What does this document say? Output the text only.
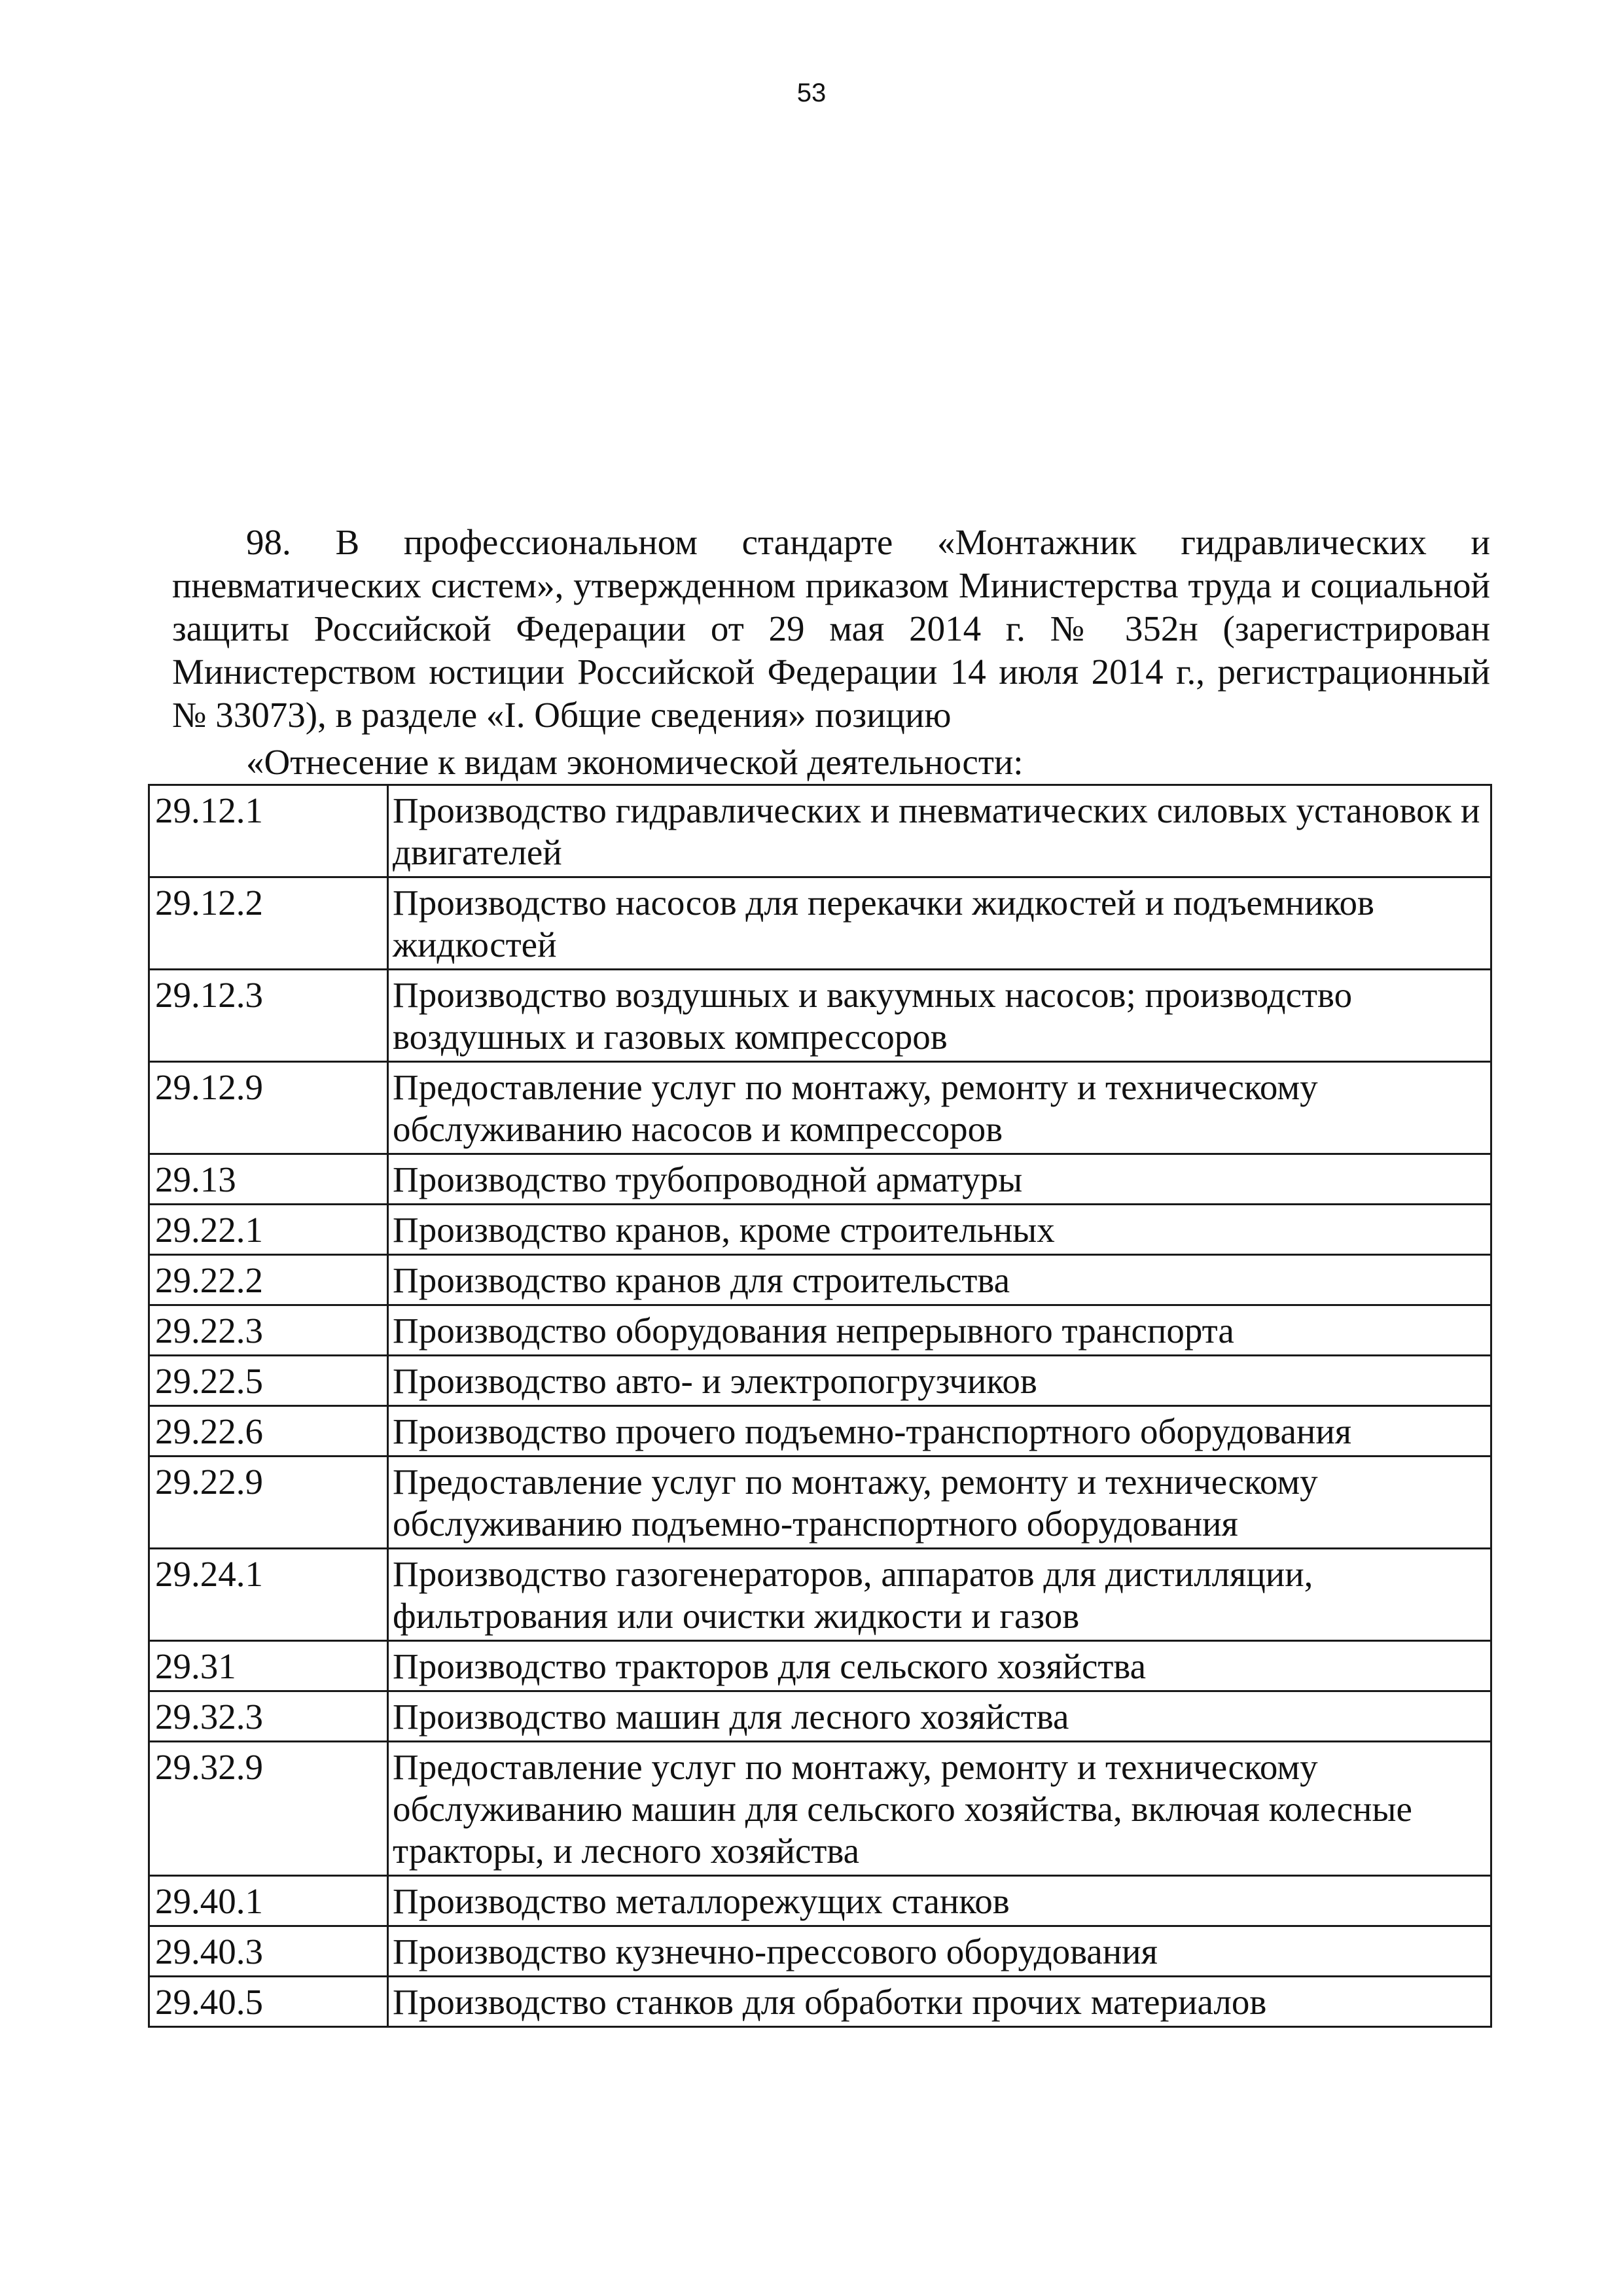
53

98. В профессиональном стандарте «Монтажник гидравлических и пневматических систем», утвержденном приказом Министерства труда и социальной защиты Российской Федерации от 29 мая 2014 г. № 352н (зарегистрирован Министерством юстиции Российской Федерации 14 июля 2014 г., регистрационный № 33073), в разделе «I. Общие сведения» позицию

«Отнесение к видам экономической деятельности:

29.12.1	Производство гидравлических и пневматических силовых установок и двигателей
29.12.2	Производство насосов для перекачки жидкостей и подъемников жидкостей
29.12.3	Производство воздушных и вакуумных насосов; производство воздушных и газовых компрессоров
29.12.9	Предоставление услуг по монтажу, ремонту и техническому обслуживанию насосов и компрессоров
29.13	Производство трубопроводной арматуры
29.22.1	Производство кранов, кроме строительных
29.22.2	Производство кранов для строительства
29.22.3	Производство оборудования непрерывного транспорта
29.22.5	Производство авто- и электропогрузчиков
29.22.6	Производство прочего подъемно-транспортного оборудования
29.22.9	Предоставление услуг по монтажу, ремонту и техническому обслуживанию подъемно-транспортного оборудования
29.24.1	Производство газогенераторов, аппаратов для дистилляции, фильтрования или очистки жидкости и газов
29.31	Производство тракторов для сельского хозяйства
29.32.3	Производство машин для лесного хозяйства
29.32.9	Предоставление услуг по монтажу, ремонту и техническому обслуживанию машин для сельского хозяйства, включая колесные тракторы, и лесного хозяйства
29.40.1	Производство металлорежущих станков
29.40.3	Производство кузнечно-прессового оборудования
29.40.5	Производство станков для обработки прочих материалов
